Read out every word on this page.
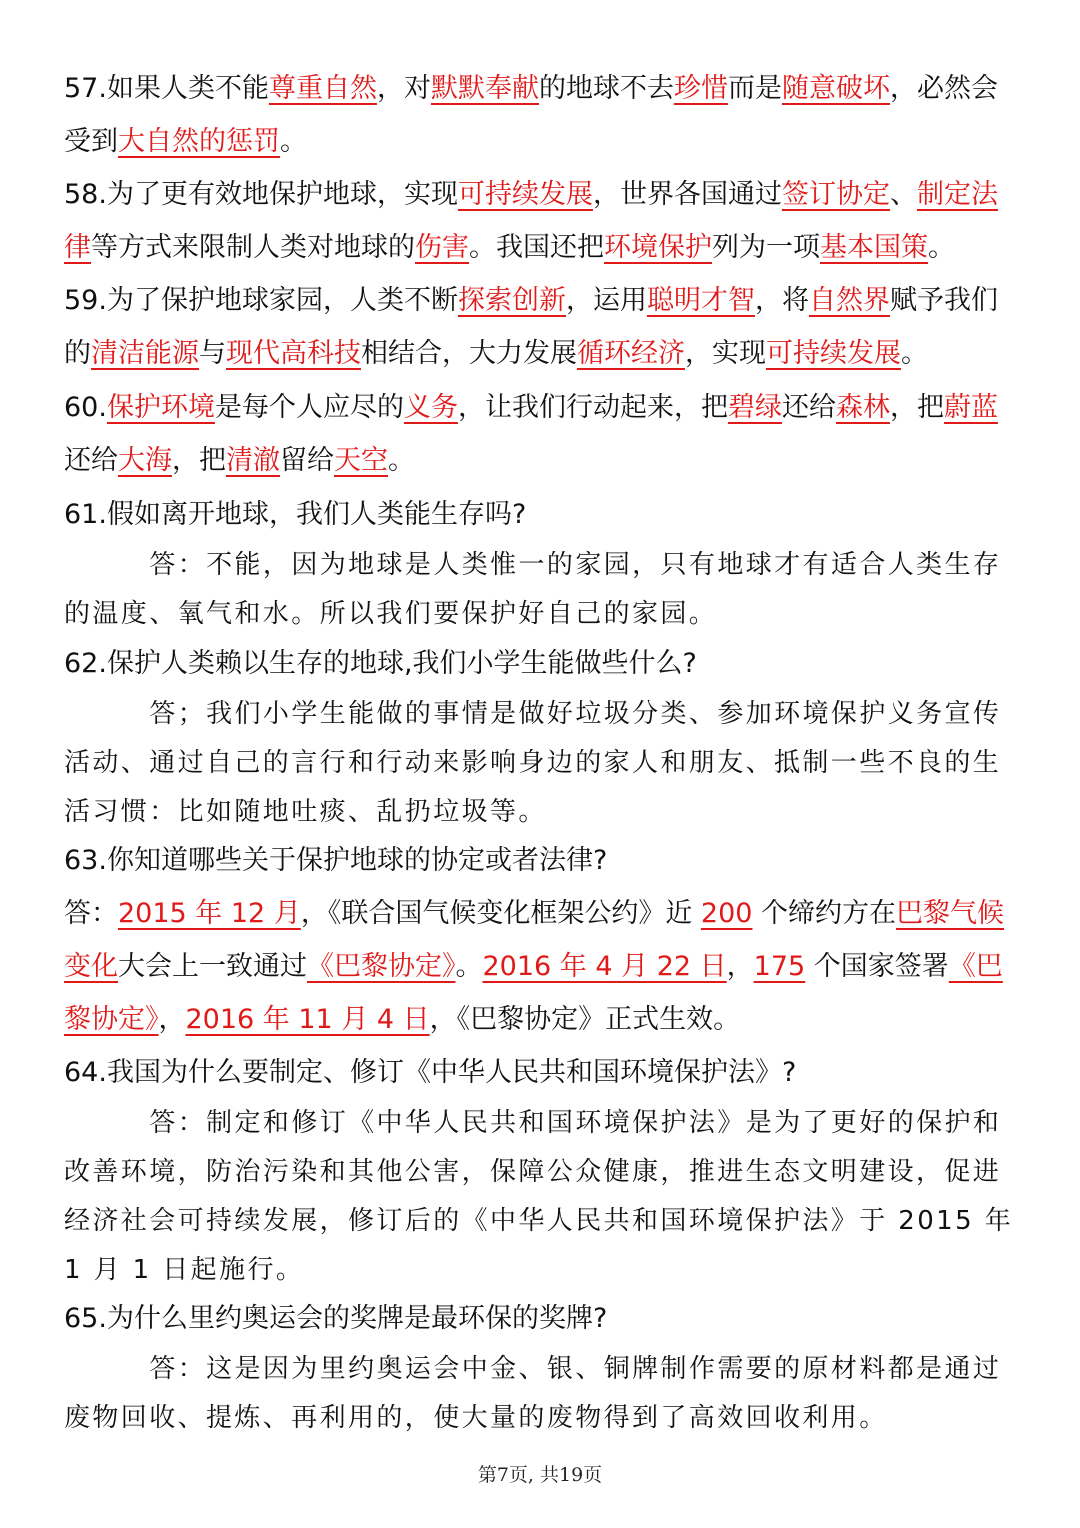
57.如果人类不能尊重自然，对默默奉献的地球不去珍惜而是随意破坏，必然会受到大自然的惩罚。

58.为了更有效地保护地球，实现可持续发展，世界各国通过签订协定、制定法律等方式来限制人类对地球的伤害。我国还把环境保护列为一项基本国策。

59.为了保护地球家园，人类不断探索创新，运用聪明才智，将自然界赋予我们的清洁能源与现代高科技相结合，大力发展循环经济，实现可持续发展。

60.保护环境是每个人应尽的义务，让我们行动起来，把碧绿还给森林，把蔚蓝还给大海，把清澈留给天空。

61.假如离开地球，我们人类能生存吗?

答：不能，因为地球是人类惟一的家园，只有地球才有适合人类生存的温度、氧气和水。所以我们要保护好自己的家园。

62.保护人类赖以生存的地球,我们小学生能做些什么?

答；我们小学生能做的事情是做好垃圾分类、参加环境保护义务宣传活动、通过自己的言行和行动来影响身边的家人和朋友、抵制一些不良的生活习惯：比如随地吐痰、乱扔垃圾等。

63.你知道哪些关于保护地球的协定或者法律?

答：2015 年 12 月，《联合国气候变化框架公约》近 200 个缔约方在巴黎气候变化大会上一致通过《巴黎协定》。2016 年 4 月 22 日，175 个国家签署《巴黎协定》，2016 年 11 月 4 日，《巴黎协定》正式生效。

64.我国为什么要制定、修订《中华人民共和国环境保护法》?

答：制定和修订《中华人民共和国环境保护法》是为了更好的保护和改善环境，防治污染和其他公害，保障公众健康，推进生态文明建设，促进经济社会可持续发展，修订后的《中华人民共和国环境保护法》于 2015 年 1 月 1 日起施行。

65.为什么里约奥运会的奖牌是最环保的奖牌?

答：这是因为里约奥运会中金、银、铜牌制作需要的原材料都是通过废物回收、提炼、再利用的，使大量的废物得到了高效回收利用。

第7页, 共19页
